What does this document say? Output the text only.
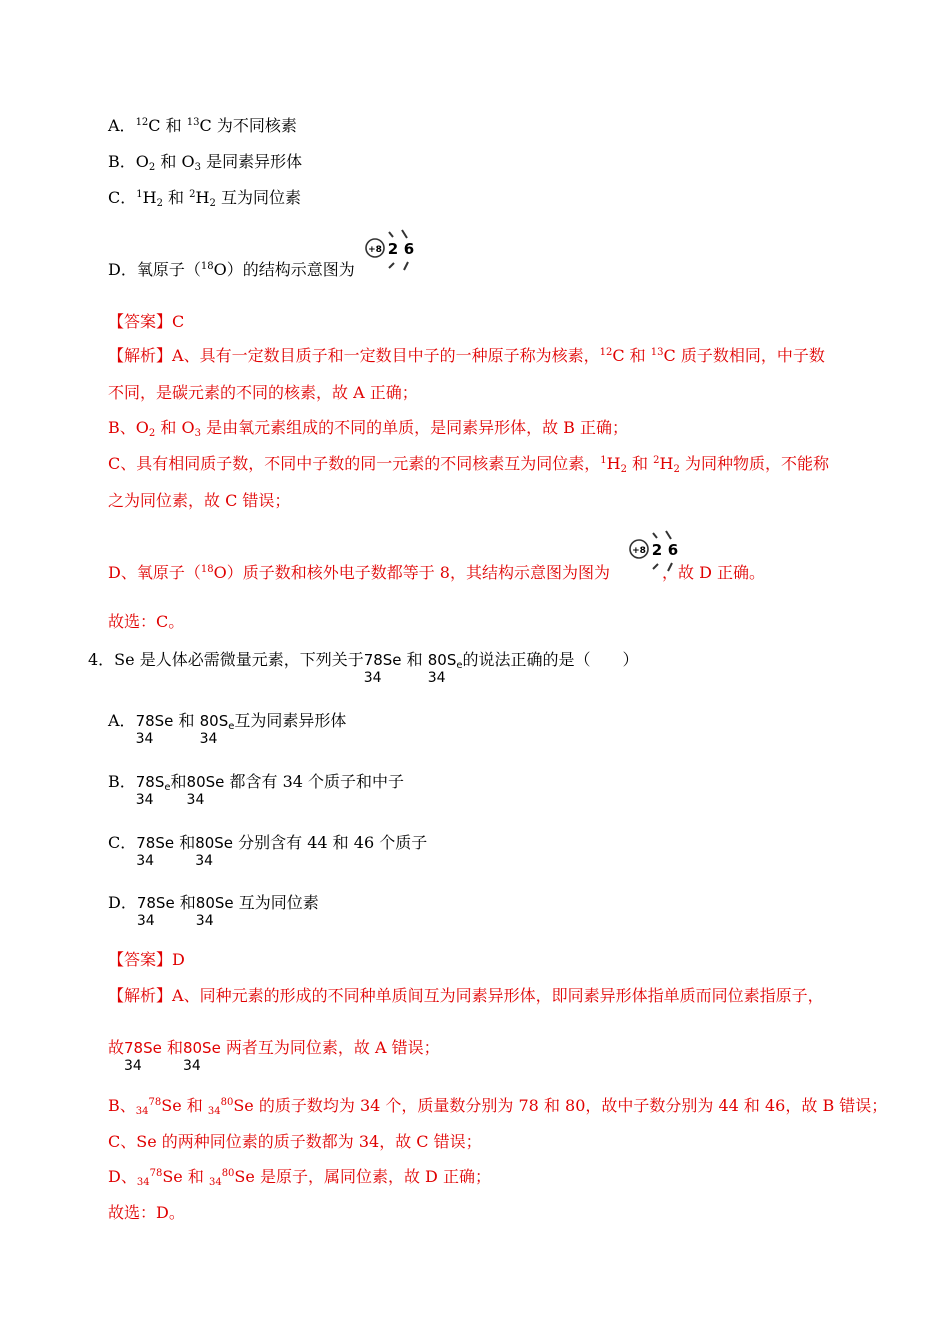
A．$^{12}$C 和 $^{13}$C 为不同核素
B．$O_2$ 和 $O_3$ 是同素异形体
C．$^1H_2$ 和 $^2H_2$ 互为同位素
D．氧原子（$^{18}$O）的结构示意图为
+8 2 6
【答案】C
【解析】A、具有一定数目质子和一定数目中子的一种原子称为核素，$^{12}$C 和 $^{13}$C 质子数相同，中子数
不同，是碳元素的不同的核素，故 A 正确；
B、$O_2$ 和 $O_3$ 是由氧元素组成的不同的单质，是同素异形体，故 B 正确；
C、具有相同质子数，不同中子数的同一元素的不同核素互为同位素，$^1H_2$ 和 $^2H_2$ 为同种物质，不能称
之为同位素，故 C 错误；
D、氧原子（$^{18}$O）质子数和核外电子数都等于 8，其结构示意图为图为	，故 D 正确。
+8 2 6
故选：C。
4．Se 是人体必需微量元素，下列关于78Se
34
和 $80S_e$
34
的说法正确的是（　　）
A．78Se
34
和 $80S_e$
34
互为同素异形体
B．$78S_e$
34
和80Se
34
都含有 34 个质子和中子
C．78Se
34
和80Se
34
分别含有 44 和 46 个质子
D．78Se
34
和80Se
34
互为同位素
【答案】D
【解析】A、同种元素的形成的不同种单质间互为同素异形体，即同素异形体指单质而同位素指原子，
故78Se
34
和80Se
34
两者互为同位素，故 A 错误；
B、$_{34}^{78}$Se 和 $_{34}^{80}$Se 的质子数均为 34 个，质量数分别为 78 和 80，故中子数分别为 44 和 46，故 B 错误；
C、Se 的两种同位素的质子数都为 34，故 C 错误；
D、$_{34}^{78}$Se 和 $_{34}^{80}$Se 是原子，属同位素，故 D 正确；
故选：D。
